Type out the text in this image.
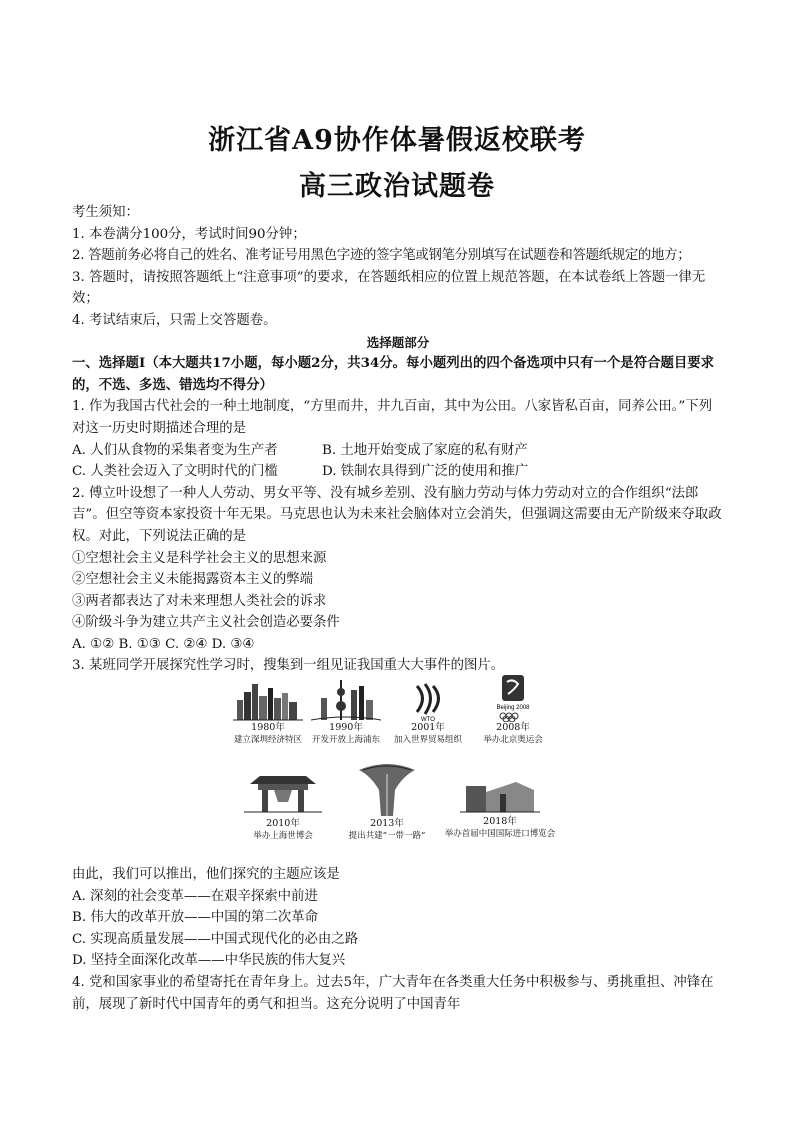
浙江省A9协作体暑假返校联考
高三政治试题卷
考生须知：
1. 本卷满分100分，考试时间90分钟；
2. 答题前务必将自己的姓名、准考证号用黑色字迹的签字笔或钢笔分别填写在试题卷和答题纸规定的地方；
3. 答题时，请按照答题纸上“注意事项”的要求，在答题纸相应的位置上规范答题，在本试卷纸上答题一律无效；
4. 考试结束后，只需上交答题卷。
选择题部分
一、选择题Ⅰ（本大题共17小题，每小题2分，共34分。每小题列出的四个备选项中只有一个是符合题目要求的，不选、多选、错选均不得分）
1. 作为我国古代社会的一种土地制度，“方里而井，井九百亩，其中为公田。八家皆私百亩，同养公田。”下列对这一历史时期描述合理的是
A. 人们从食物的采集者变为生产者	B. 土地开始变成了家庭的私有财产
C. 人类社会迈入了文明时代的门槛	D. 铁制农具得到广泛的使用和推广
2. 傅立叶设想了一种人人劳动、男女平等、没有城乡差别、没有脑力劳动与体力劳动对立的合作组织“法郎吉”。但空等资本家投资十年无果。马克思也认为未来社会脑体对立会消失，但强调这需要由无产阶级来夺取政权。对此，下列说法正确的是
①空想社会主义是科学社会主义的思想来源
②空想社会主义未能揭露资本主义的弊端
③两者都表达了对未来理想人类社会的诉求
④阶级斗争为建立共产主义社会创造必要条件
A. ①② B. ①③ C. ②④ D. ③④
3. 某班同学开展探究性学习时，搜集到一组见证我国重大大事件的图片。
1980年
建立深圳经济特区
1990年
开发开放上海浦东
WTO
2001年
加入世界贸易组织
Beijing 2008
2008年
举办北京奥运会
2010年
举办上海世博会
2013年
提出共建“一带一路”
2018年
举办首届中国国际进口博览会
由此，我们可以推出，他们探究的主题应该是
A. 深刻的社会变革——在艰辛探索中前进
B. 伟大的改革开放——中国的第二次革命
C. 实现高质量发展——中国式现代化的必由之路
D. 坚持全面深化改革——中华民族的伟大复兴
4. 党和国家事业的希望寄托在青年身上。过去5年，广大青年在各类重大任务中积极参与、勇挑重担、冲锋在前，展现了新时代中国青年的勇气和担当。这充分说明了中国青年
